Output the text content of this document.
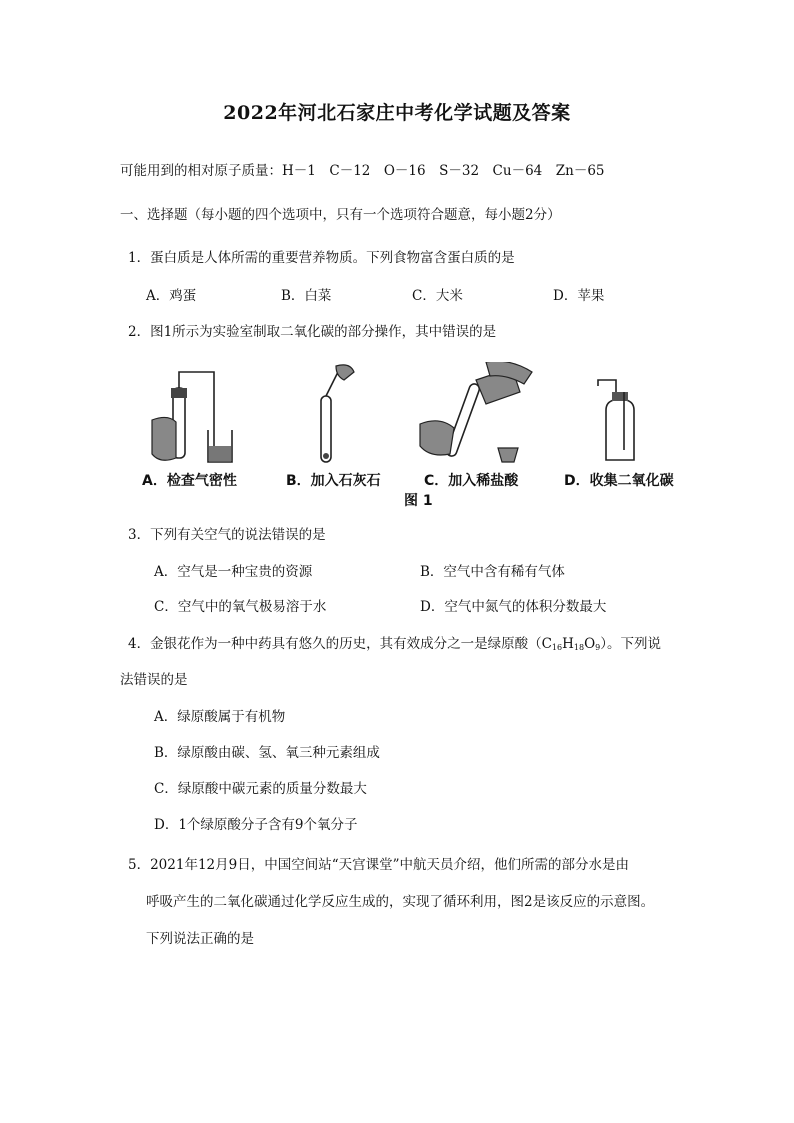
2022年河北石家庄中考化学试题及答案
可能用到的相对原子质量：H－1　C－12　O－16　S－32　Cu－64　Zn－65
一、选择题（每小题的四个选项中，只有一个选项符合题意，每小题2分）
1．蛋白质是人体所需的重要营养物质。下列食物富含蛋白质的是
A．鸡蛋	B．白菜	C．大米	D．苹果
2．图1所示为实验室制取二氧化碳的部分操作，其中错误的是
A．检查气密性	B．加入石灰石	C．加入稀盐酸	D．收集二氧化碳
图 1
3．下列有关空气的说法错误的是
A．空气是一种宝贵的资源	B．空气中含有稀有气体
C．空气中的氧气极易溶于水	D．空气中氮气的体积分数最大
4．金银花作为一种中药具有悠久的历史，其有效成分之一是绿原酸$(C_{16}H_{18}O_9)$。下列说
法错误的是
A．绿原酸属于有机物
B．绿原酸由碳、氢、氧三种元素组成
C．绿原酸中碳元素的质量分数最大
D．1个绿原酸分子含有9个氧分子
5．2021年12月9日，中国空间站“天宫课堂”中航天员介绍，他们所需的部分水是由
呼吸产生的二氧化碳通过化学反应生成的，实现了循环利用，图2是该反应的示意图。
下列说法正确的是
